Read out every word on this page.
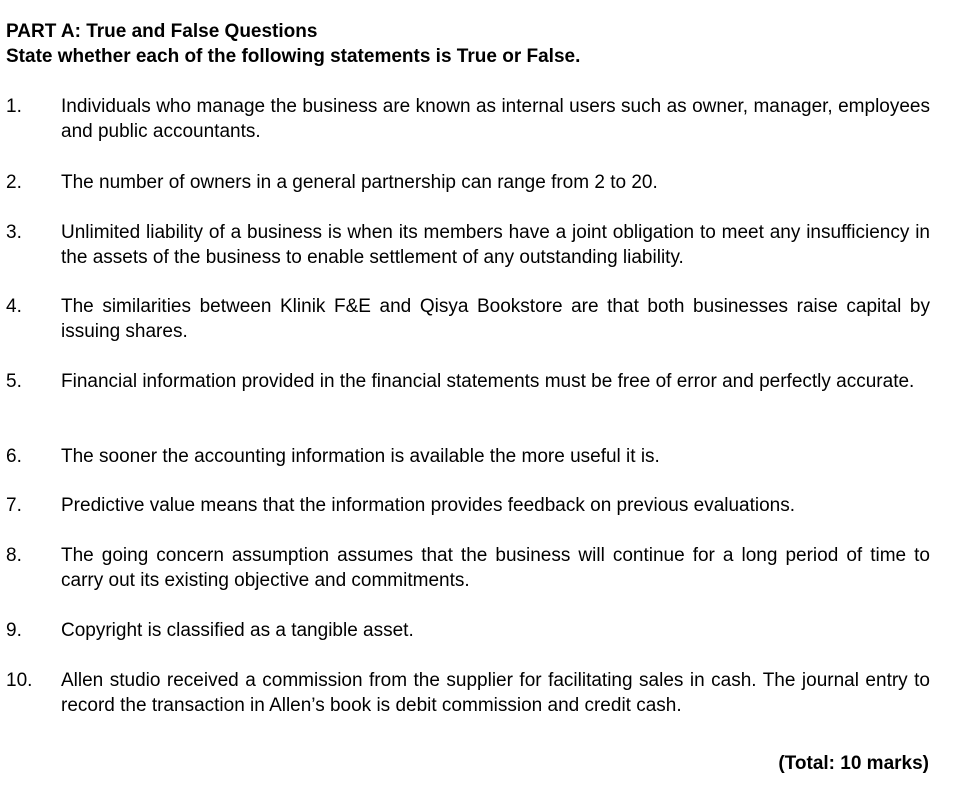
PART A: True and False Questions
State whether each of the following statements is True or False.
1.	Individuals who manage the business are known as internal users such as owner, manager, employees and public accountants.
2.	The number of owners in a general partnership can range from 2 to 20.
3.	Unlimited liability of a business is when its members have a joint obligation to meet any insufficiency in the assets of the business to enable settlement of any outstanding liability.
4.	The similarities between Klinik F&E and Qisya Bookstore are that both businesses raise capital by issuing shares.
5.	Financial information provided in the financial statements must be free of error and perfectly accurate.
6.	The sooner the accounting information is available the more useful it is.
7.	Predictive value means that the information provides feedback on previous evaluations.
8.	The going concern assumption assumes that the business will continue for a long period of time to carry out its existing objective and commitments.
9.	Copyright is classified as a tangible asset.
10.	Allen studio received a commission from the supplier for facilitating sales in cash. The journal entry to record the transaction in Allen’s book is debit commission and credit cash.
(Total: 10 marks)
